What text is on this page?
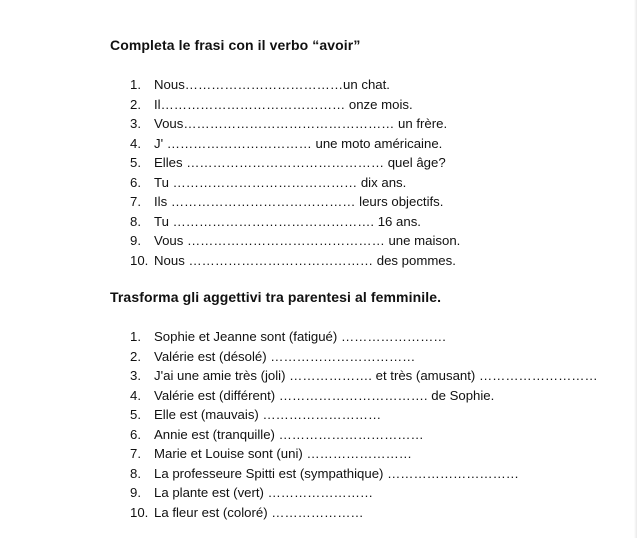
Completa le frasi con il verbo “avoir”
1. Nous………………………………un chat.
2. Il…………………………………… onze mois.
3. Vous………………………………………… un frère.
4. J' …………………………… une moto américaine.
5. Elles ……………………………………… quel âge?
6. Tu …………………………………… dix ans.
7. Ils …………………………………… leurs objectifs.
8. Tu ………………………………………. 16 ans.
9. Vous ……………………………………… une maison.
10. Nous …………………………………… des pommes.
Trasforma gli aggettivi tra parentesi al femminile.
1. Sophie et Jeanne sont (fatigué) ……………………
2. Valérie est (désolé) ……………………………
3. J'ai une amie très (joli) ………………. et très (amusant) ………………………
4. Valérie est (différent) ……………………………. de Sophie.
5. Elle est (mauvais) ………………………
6. Annie est (tranquille) ……………………………
7. Marie et Louise sont (uni) ……………………
8. La professeure Spitti est (sympathique) …………………………
9. La plante est (vert) ……………………
10. La fleur est (coloré) …………………
